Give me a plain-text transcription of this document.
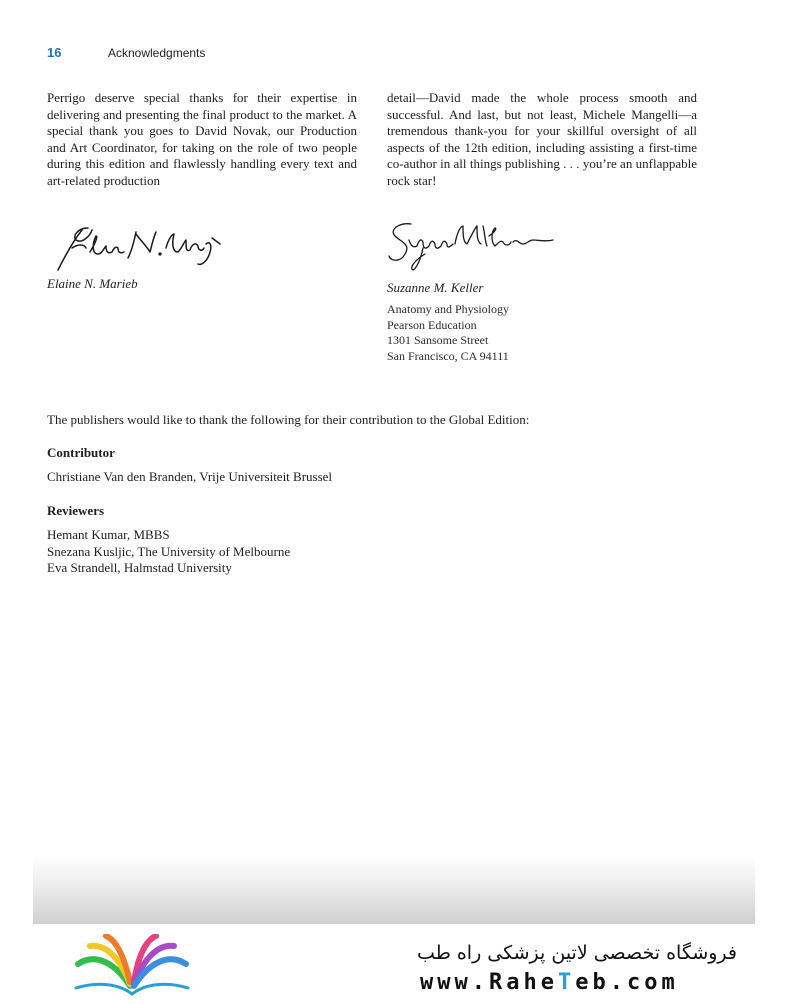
16	Acknowledgments

Perrigo deserve special thanks for their expertise in delivering and presenting the final product to the market. A special thank you goes to David Novak, our Production and Art Coordinator, for taking on the role of two people during this edition and flawlessly handling every text and art-related production

detail—David made the whole process smooth and successful. And last, but not least, Michele Mangelli—a tremendous thank-you for your skillful oversight of all aspects of the 12th edition, including assisting a first-time co-author in all things publishing . . . you’re an unflappable rock star!

Elaine N. Marieb	Suzanne M. Keller
Anatomy and Physiology
Pearson Education
1301 Sansome Street
San Francisco, CA 94111
The publishers would like to thank the following for their contribution to the Global Edition:
Contributor
Christiane Van den Branden, Vrije Universiteit Brussel
Reviewers
Hemant Kumar, MBBS
Snezana Kusljic, The University of Melbourne
Eva Strandell, Halmstad University
فروشگاه تخصصی لاتین پزشکی راه طب
www.RaheTeb.com
